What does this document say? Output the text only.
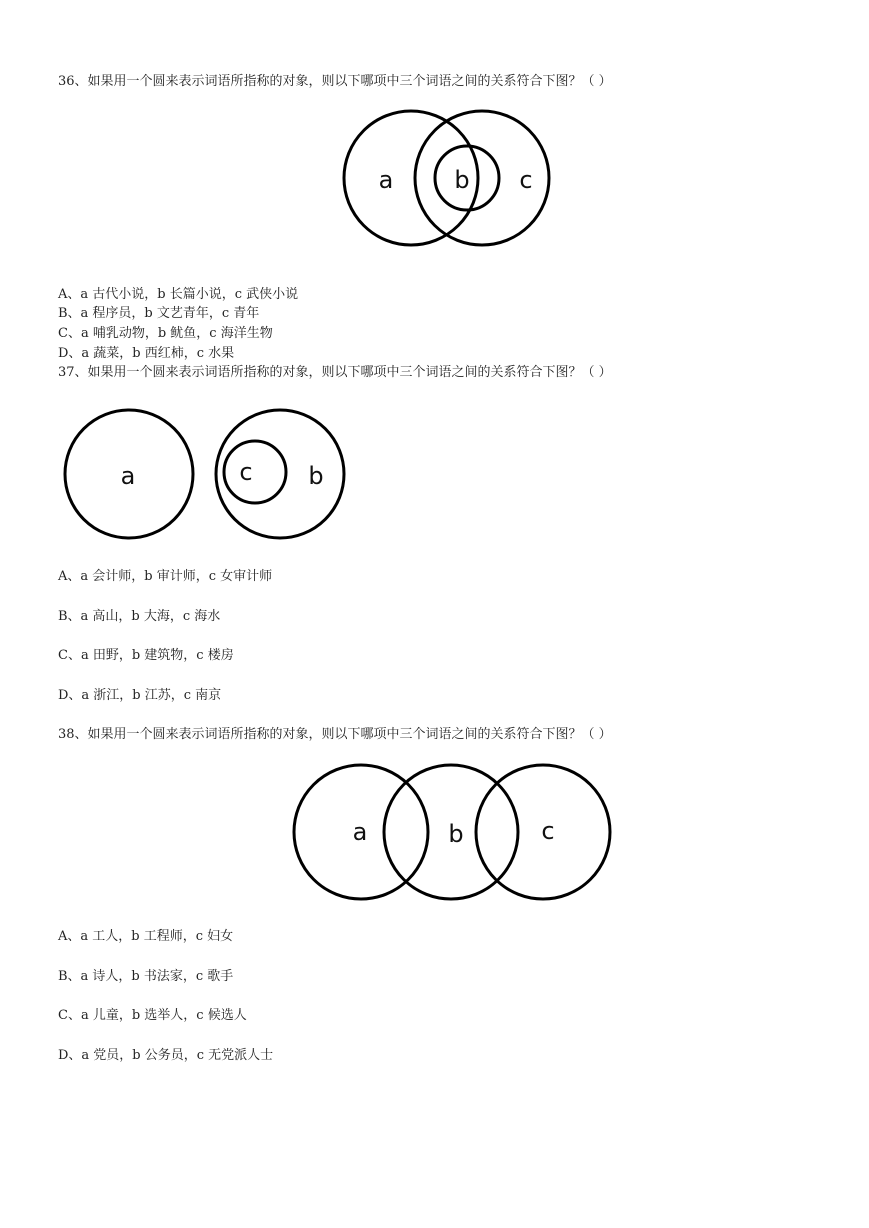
36、如果用一个圆来表示词语所指称的对象，则以下哪项中三个词语之间的关系符合下图？（ ）
a	b c
A、a 古代小说，b 长篇小说，c 武侠小说
B、a 程序员，b 文艺青年，c 青年
C、a 哺乳动物，b 鱿鱼，c 海洋生物
D、a 蔬菜，b 西红柿，c 水果
37、如果用一个圆来表示词语所指称的对象，则以下哪项中三个词语之间的关系符合下图？（ ）
a	c b
A、a 会计师，b 审计师，c 女审计师
B、a 高山，b 大海，c 海水
C、a 田野，b 建筑物，c 楼房
D、a 浙江，b 江苏，c 南京
38、如果用一个圆来表示词语所指称的对象，则以下哪项中三个词语之间的关系符合下图？（ ）
a	b	c
A、a 工人，b 工程师，c 妇女
B、a 诗人，b 书法家，c 歌手
C、a 儿童，b 选举人，c 候选人
D、a 党员，b 公务员，c 无党派人士
